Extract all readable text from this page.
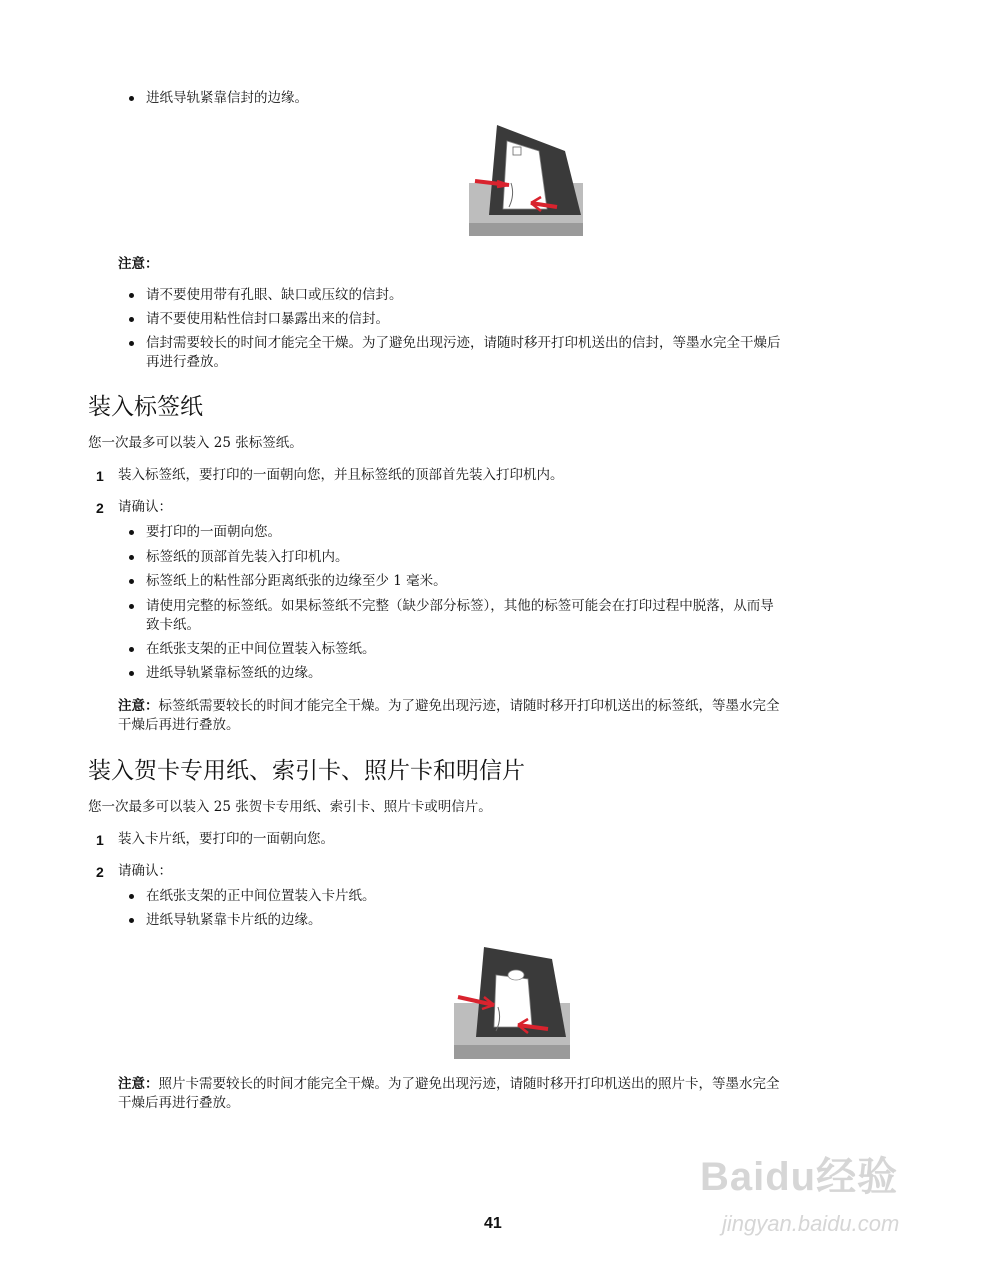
进纸导轨紧靠信封的边缘。
注意：
请不要使用带有孔眼、缺口或压纹的信封。
请不要使用粘性信封口暴露出来的信封。
信封需要较长的时间才能完全干燥。为了避免出现污迹，请随时移开打印机送出的信封，等墨水完全干燥后
再进行叠放。
装入标签纸
您一次最多可以装入 25 张标签纸。
1 装入标签纸，要打印的一面朝向您，并且标签纸的顶部首先装入打印机内。
2 请确认：
要打印的一面朝向您。
标签纸的顶部首先装入打印机内。
标签纸上的粘性部分距离纸张的边缘至少 1 毫米。
请使用完整的标签纸。如果标签纸不完整（缺少部分标签），其他的标签可能会在打印过程中脱落，从而导
致卡纸。
在纸张支架的正中间位置装入标签纸。
进纸导轨紧靠标签纸的边缘。
注意：标签纸需要较长的时间才能完全干燥。为了避免出现污迹，请随时移开打印机送出的标签纸，等墨水完全
干燥后再进行叠放。
装入贺卡专用纸、索引卡、照片卡和明信片
您一次最多可以装入 25 张贺卡专用纸、索引卡、照片卡或明信片。
1 装入卡片纸，要打印的一面朝向您。
2 请确认：
在纸张支架的正中间位置装入卡片纸。
进纸导轨紧靠卡片纸的边缘。
注意：照片卡需要较长的时间才能完全干燥。为了避免出现污迹，请随时移开打印机送出的照片卡，等墨水完全
干燥后再进行叠放。
Baidu经验
jingyan.baidu.com
41
